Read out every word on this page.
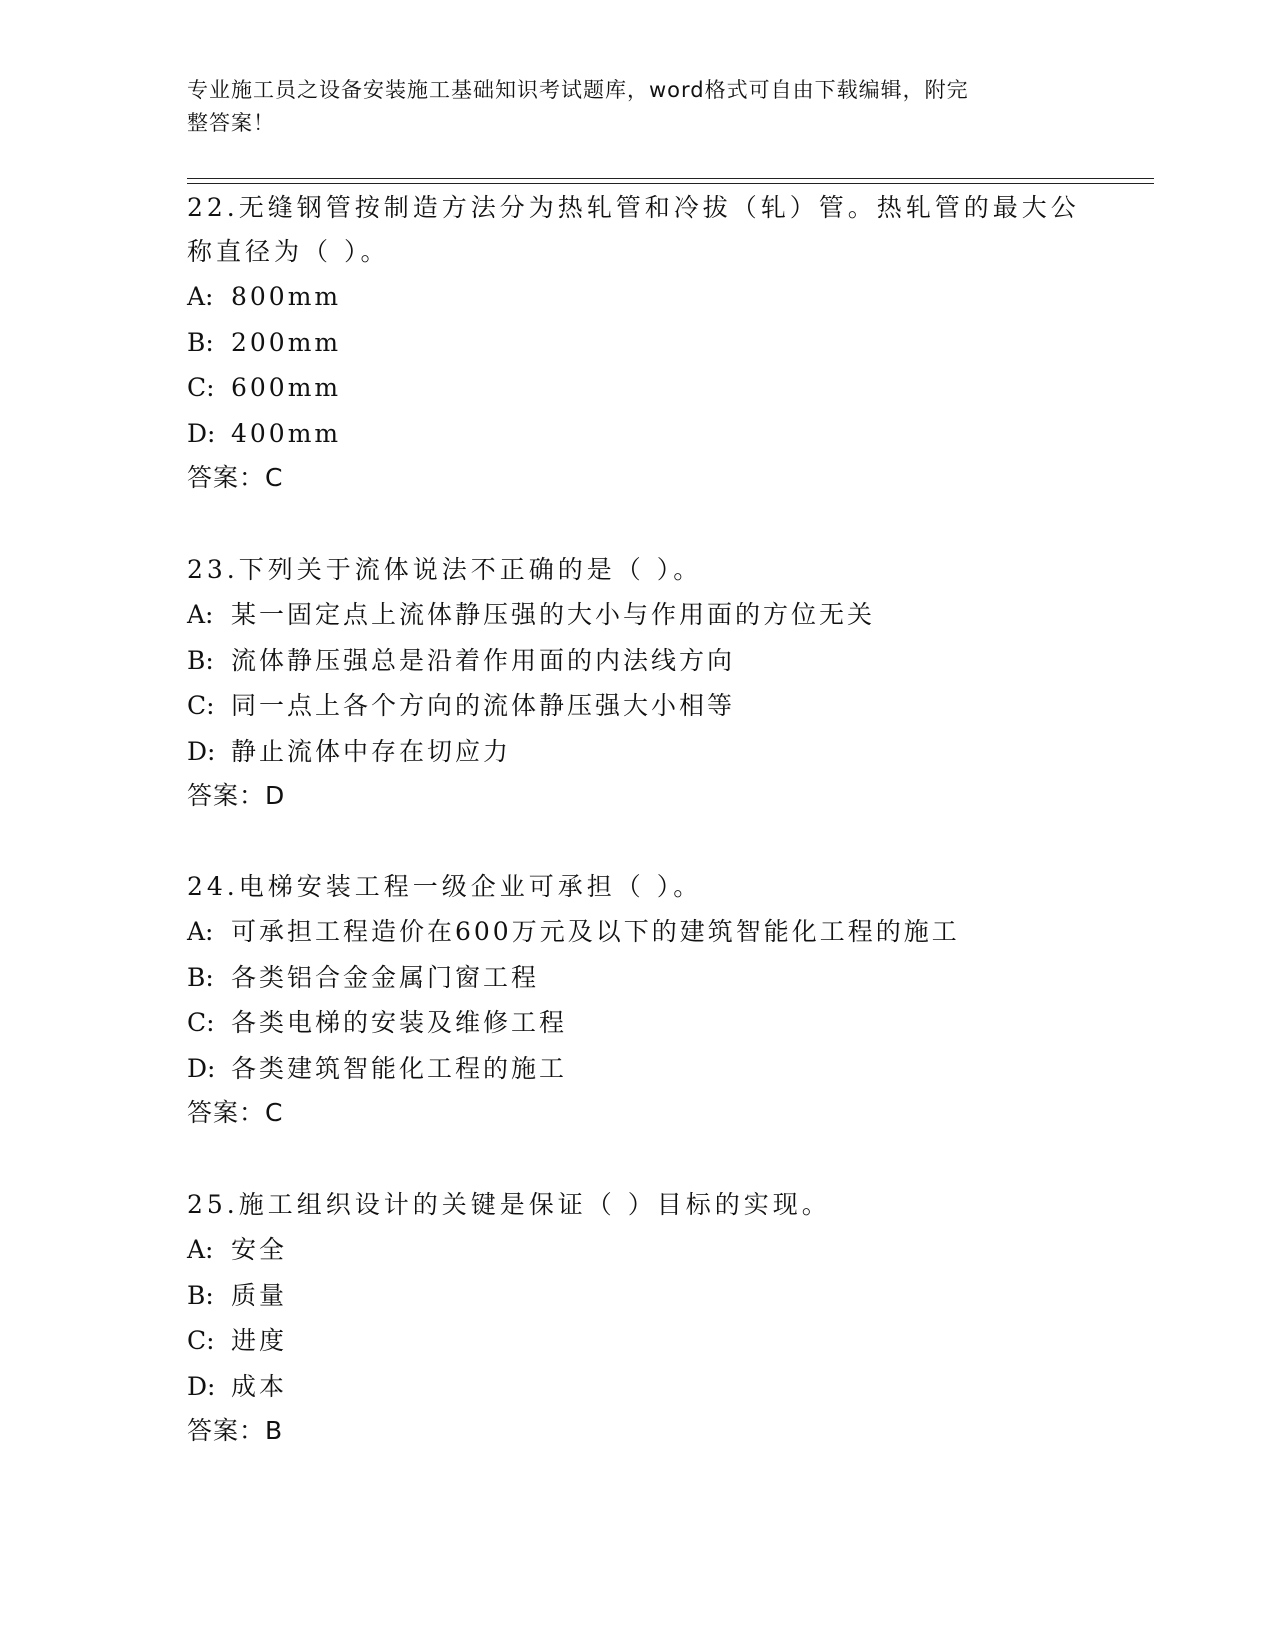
专业施工员之设备安装施工基础知识考试题库，word格式可自由下载编辑，附完
整答案！
22.无缝钢管按制造方法分为热轧管和冷拔（轧）管。热轧管的最大公
称直径为（ ）。
A: 800mm
B: 200mm
C: 600mm
D: 400mm
答案：C
23.下列关于流体说法不正确的是（ ）。
A: 某一固定点上流体静压强的大小与作用面的方位无关
B: 流体静压强总是沿着作用面的内法线方向
C: 同一点上各个方向的流体静压强大小相等
D: 静止流体中存在切应力
答案：D
24.电梯安装工程一级企业可承担（ ）。
A: 可承担工程造价在600万元及以下的建筑智能化工程的施工
B: 各类铝合金金属门窗工程
C: 各类电梯的安装及维修工程
D: 各类建筑智能化工程的施工
答案：C
25.施工组织设计的关键是保证（ ）目标的实现。
A: 安全
B: 质量
C: 进度
D: 成本
答案：B
